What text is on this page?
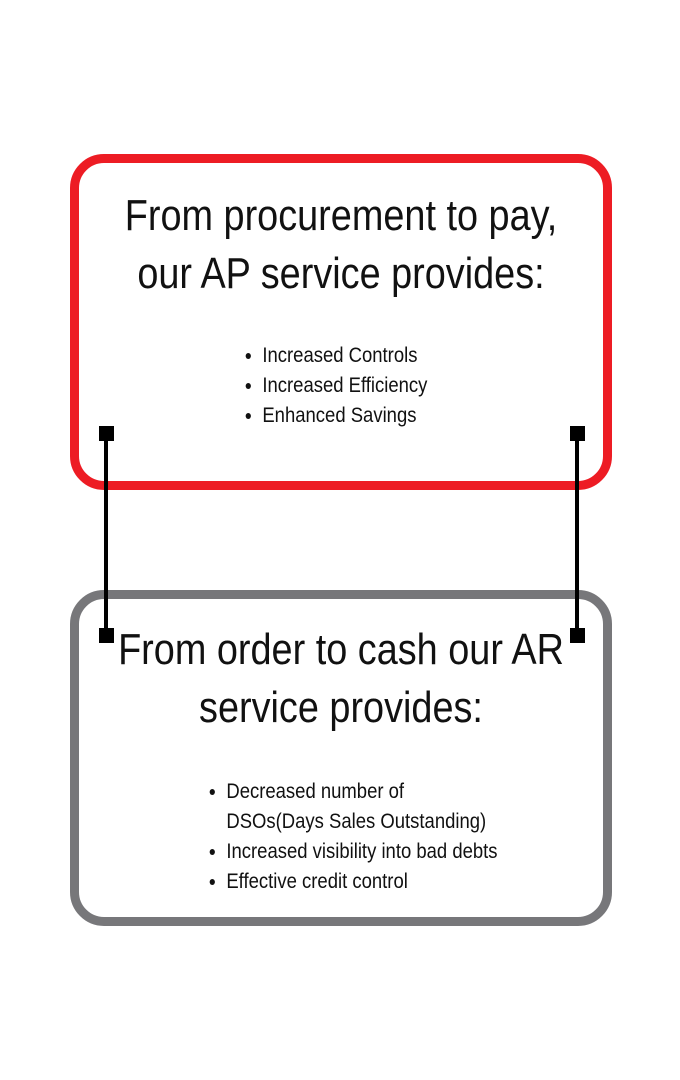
From procurement to pay,
our AP service provides:
Increased Controls
Increased Efficiency
Enhanced Savings
From order to cash our AR
service provides:
Decreased number of
DSOs(Days Sales Outstanding)
Increased visibility into bad debts
Effective credit control
